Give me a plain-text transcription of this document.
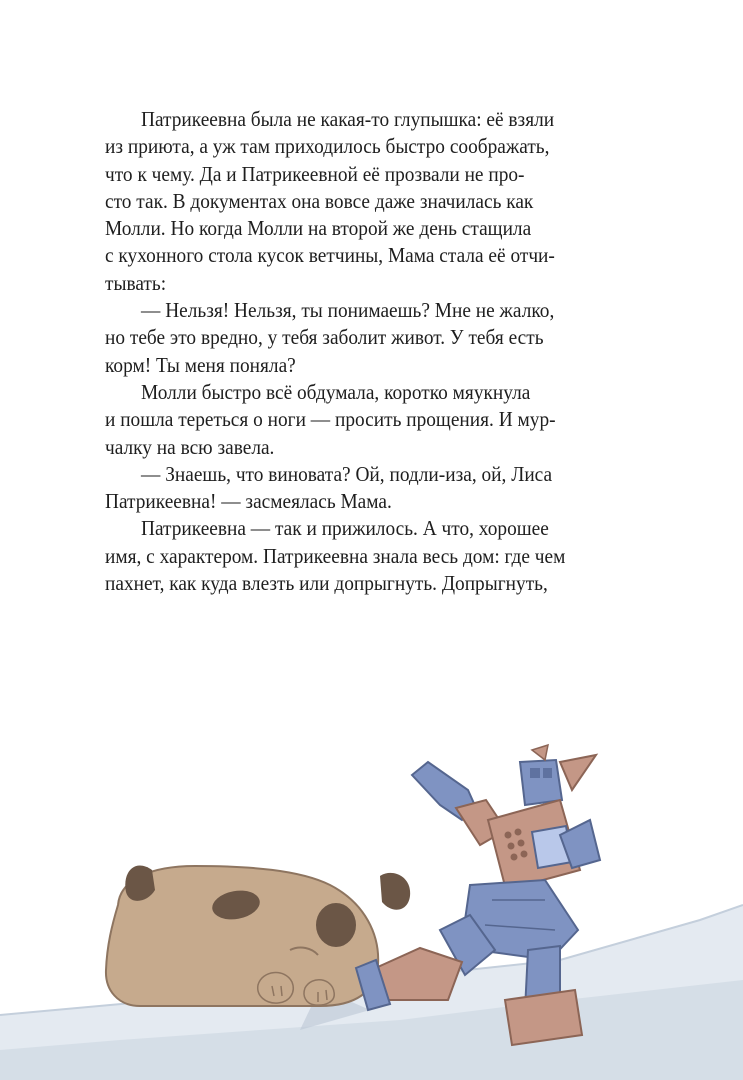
Патрикеевна была не какая-то глупышка: её взяли
из приюта, а уж там приходилось быстро соображать,
что к чему. Да и Патрикеевной её прозвали не про-
сто так. В документах она вовсе даже значилась как
Молли. Но когда Молли на второй же день стащила
с кухонного стола кусок ветчины, Мама стала её отчи-
тывать:
— Нельзя! Нельзя, ты понимаешь? Мне не жалко,
но тебе это вредно, у тебя заболит живот. У тебя есть
корм! Ты меня поняла?
Молли быстро всё обдумала, коротко мяукнула
и пошла тереться о ноги — просить прощения. И мур-
чалку на всю завела.
— Знаешь, что виновата? Ой, подли-иза, ой, Лиса
Патрикеевна! — засмеялась Мама.
Патрикеевна — так и прижилось. А что, хорошее
имя, с характером. Патрикеевна знала весь дом: где чем
пахнет, как куда влезть или допрыгнуть. Допрыгнуть,
